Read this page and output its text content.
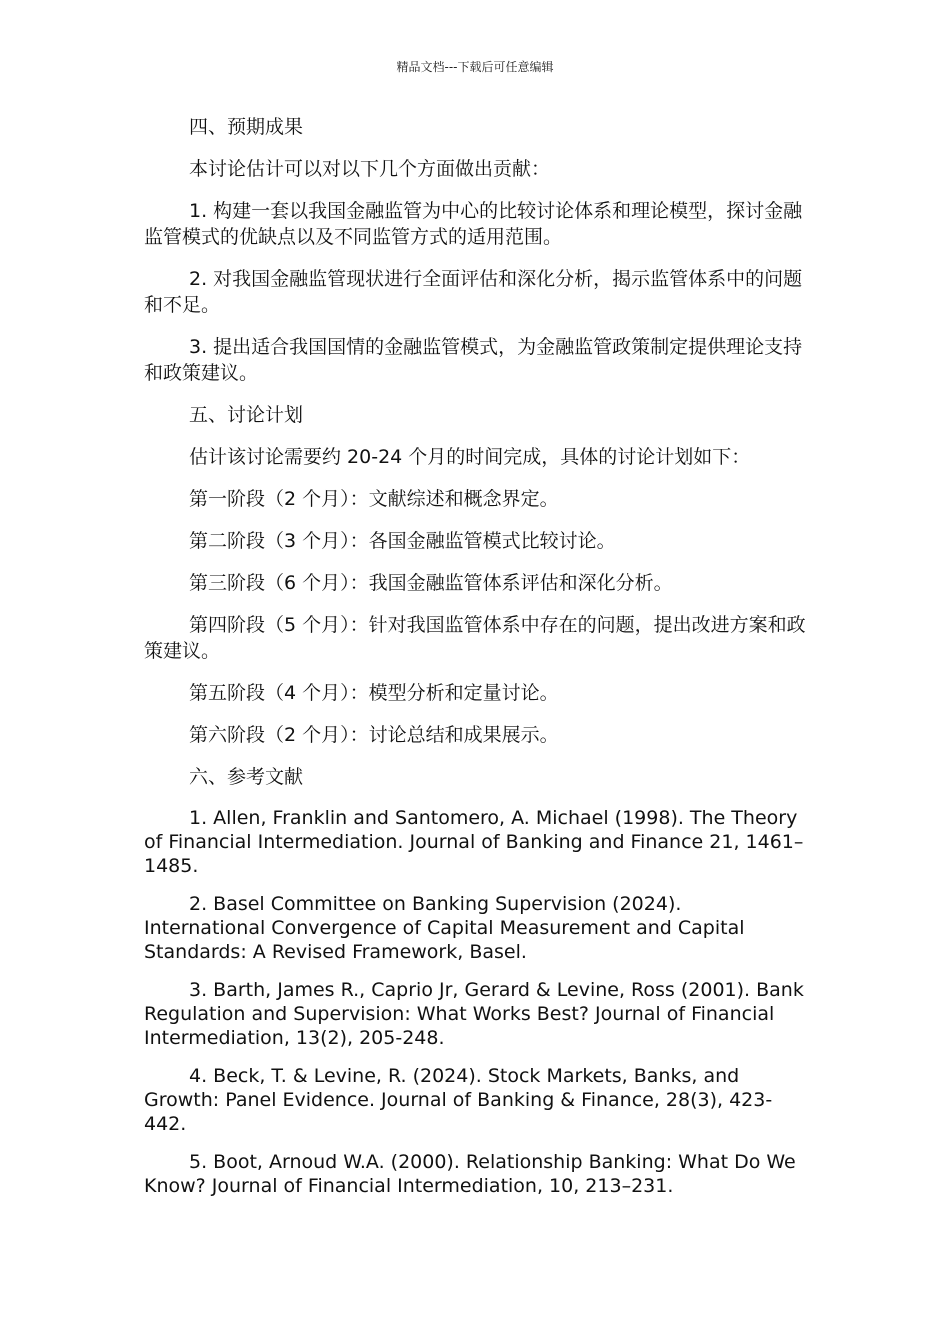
精品文档---下载后可任意编辑

四、预期成果

本讨论估计可以对以下几个方面做出贡献：

1. 构建一套以我国金融监管为中心的比较讨论体系和理论模型，探讨金融监管模式的优缺点以及不同监管方式的适用范围。

2. 对我国金融监管现状进行全面评估和深化分析，揭示监管体系中的问题和不足。

3. 提出适合我国国情的金融监管模式，为金融监管政策制定提供理论支持和政策建议。

五、讨论计划

估计该讨论需要约 20-24 个月的时间完成，具体的讨论计划如下：

第一阶段（2 个月）：文献综述和概念界定。

第二阶段（3 个月）：各国金融监管模式比较讨论。

第三阶段（6 个月）：我国金融监管体系评估和深化分析。

第四阶段（5 个月）：针对我国监管体系中存在的问题，提出改进方案和政策建议。

第五阶段（4 个月）：模型分析和定量讨论。

第六阶段（2 个月）：讨论总结和成果展示。

六、参考文献

1. Allen, Franklin and Santomero, A. Michael (1998). The Theory of Financial Intermediation. Journal of Banking and Finance 21, 1461–1485.

2. Basel Committee on Banking Supervision (2024). International Convergence of Capital Measurement and Capital Standards: A Revised Framework, Basel.

3. Barth, James R., Caprio Jr, Gerard & Levine, Ross (2001). Bank Regulation and Supervision: What Works Best? Journal of Financial Intermediation, 13(2), 205-248.

4. Beck, T. & Levine, R. (2024). Stock Markets, Banks, and Growth: Panel Evidence. Journal of Banking & Finance, 28(3), 423-442.

5. Boot, Arnoud W.A. (2000). Relationship Banking: What Do We Know? Journal of Financial Intermediation, 10, 213–231.
